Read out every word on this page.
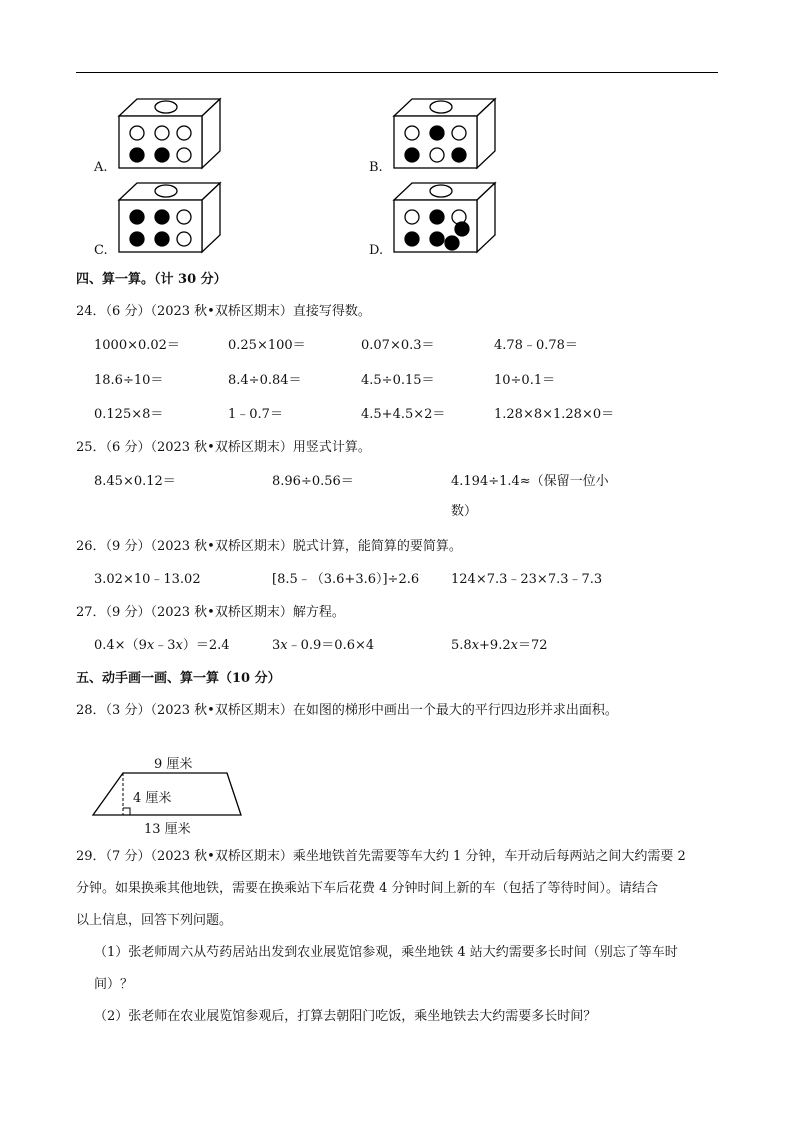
A.	B.
C.	D.
四、算一算。（计 30 分）
24．（6 分）（2023 秋•双桥区期末）直接写得数。
1000×0.02＝	0.25×100＝	0.07×0.3＝	4.78﹣0.78＝
18.6÷10＝	8.4÷0.84＝	4.5÷0.15＝	10÷0.1＝
0.125×8＝	1﹣0.7＝	4.5+4.5×2＝	1.28×8×1.28×0＝
25．（6 分）（2023 秋•双桥区期末）用竖式计算。
8.45×0.12＝	8.96÷0.56＝	4.194÷1.4≈（保留一位小
数）
26．（9 分）（2023 秋•双桥区期末）脱式计算，能简算的要简算。
3.02×10﹣13.02	[8.5﹣（3.6+3.6）]÷2.6 124×7.3﹣23×7.3﹣7.3
27．（9 分）（2023 秋•双桥区期末）解方程。
0.4×（9x﹣3x）＝2.4	3x﹣0.9＝0.6×4	5.8x+9.2x＝72
五、动手画一画、算一算（10 分）
28．（3 分）（2023 秋•双桥区期末）在如图的梯形中画出一个最大的平行四边形并求出面积。
9 厘米
4 厘米
13 厘米
29．（7 分）（2023 秋•双桥区期末）乘坐地铁首先需要等车大约 1 分钟，车开动后每两站之间大约需要 2
分钟。如果换乘其他地铁，需要在换乘站下车后花费 4 分钟时间上新的车（包括了等待时间）。请结合
以上信息，回答下列问题。
（1）张老师周六从芍药居站出发到农业展览馆参观，乘坐地铁 4 站大约需要多长时间（别忘了等车时
间）？
（2）张老师在农业展览馆参观后，打算去朝阳门吃饭，乘坐地铁去大约需要多长时间？
